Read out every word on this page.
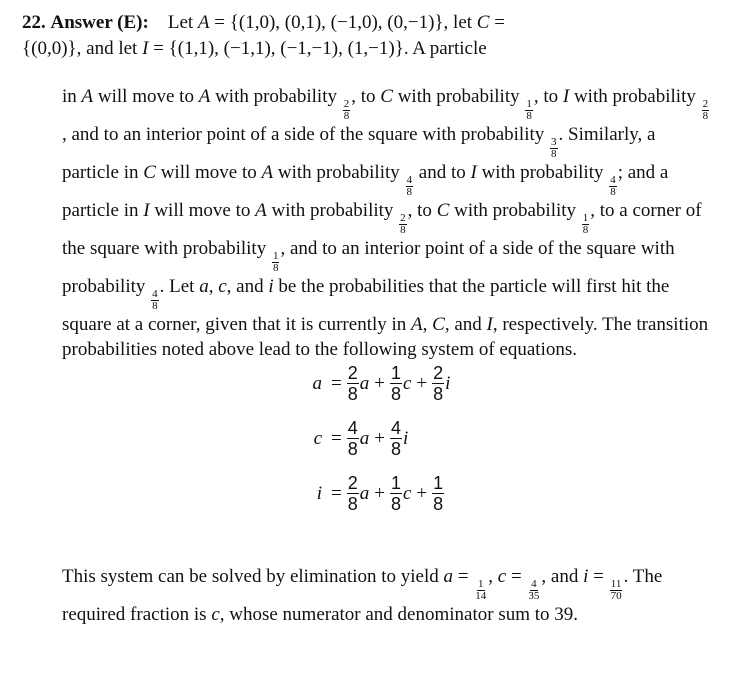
22. Answer (E): Let A = {(1,0), (0,1), (−1,0), (0,−1)}, let C =
{(0,0)}, and let I = {(1,1), (−1,1), (−1,−1), (1,−1)}. A particle
in A will move to A with probability
$\frac{2}{8}$
, to C with probability
$\frac{1}{8}$
, to I with probability
$\frac{2}{8}$
, and to an interior point of a side of the square with probability
$\frac{3}{8}$
. Similarly, a particle in C will move to A with probability
$\frac{4}{8}$
and to I with probability
$\frac{4}{8}$
; and a particle in I will move to A with probability
$\frac{2}{8}$
, to C with probability
$\frac{1}{8}$
, to a corner of the square with probability
$\frac{1}{8}$
, and to an interior point of a side of the square with probability
$\frac{4}{8}$
. Let a, c, and i be the probabilities that the particle will first hit the square at a corner, given that it is currently in A, C, and I, respectively. The transition probabilities noted above lead to the following system of equations.
$a = \frac{2}{8}$ $a + \frac{1}{8}$ $c + \frac{2}{8}$ i
$c = \frac{4}{8}$ $a + \frac{4}{8}$ i
$i = \frac{2}{8}$ $a + \frac{1}{8}$ $c + \frac{1}{8}$
This system can be solved by elimination to yield a =
$\frac{1}{14}$
, c =
$\frac{4}{35}$
, and i =
$\frac{11}{70}$
. The required fraction is c, whose numerator and denominator sum to 39.
